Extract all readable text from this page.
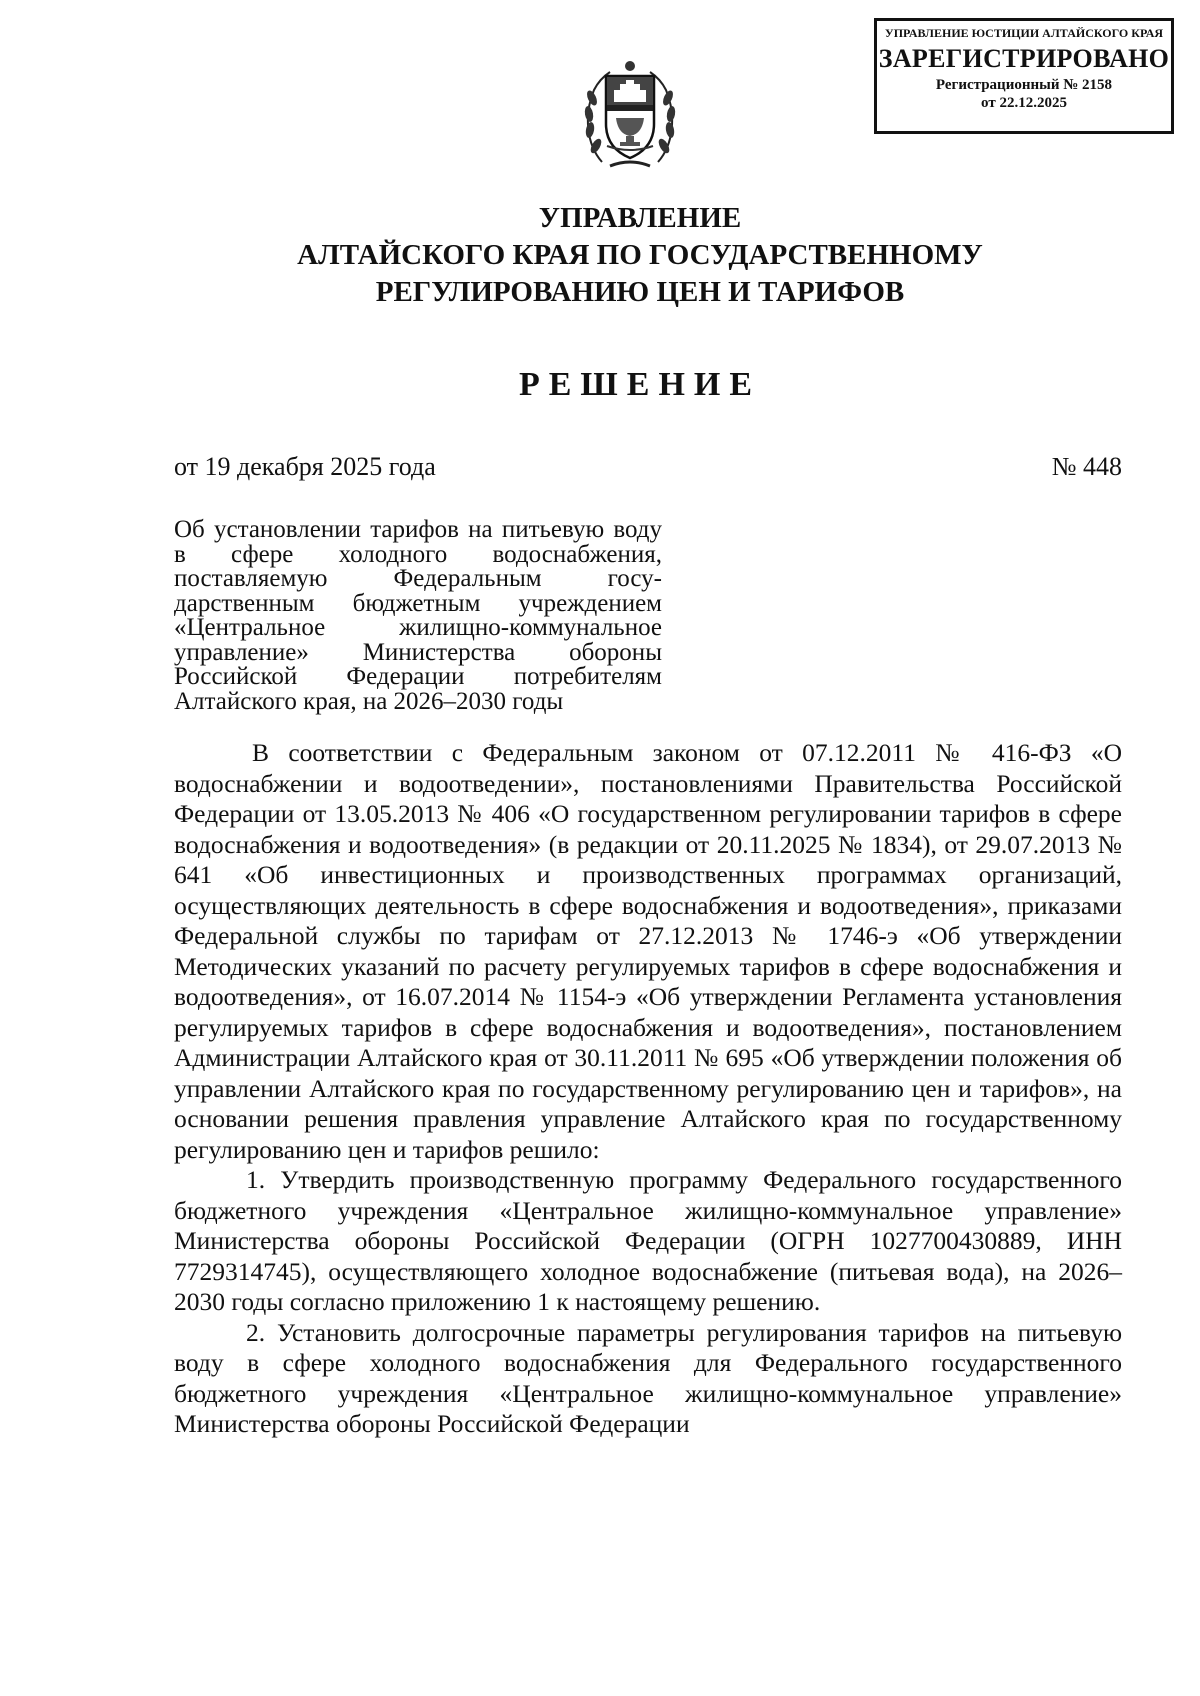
УПРАВЛЕНИЕ ЮСТИЦИИ АЛТАЙСКОГО КРАЯ
ЗАРЕГИСТРИРОВАНО
Регистрационный № 2158
от 22.12.2025
УПРАВЛЕНИЕ
АЛТАЙСКОГО КРАЯ ПО ГОСУДАРСТВЕННОМУ
РЕГУЛИРОВАНИЮ ЦЕН И ТАРИФОВ
РЕШЕНИЕ
от 19 декабря 2025 года	№ 448
Об установлении тарифов на питьевую воду в сфере холодного водоснабжения, поставляемую Федеральным государственным бюджетным учреждением «Центральное жилищно-коммунальное управление» Министерства обороны Российской Федерации потребителям Алтайского края, на 2026–2030 годы

В соответствии с Федеральным законом от 07.12.2011 № 416-ФЗ «О водоснабжении и водоотведении», постановлениями Правительства Российской Федерации от 13.05.2013 № 406 «О государственном регулировании тарифов в сфере водоснабжения и водоотведения» (в редакции от 20.11.2025 № 1834), от 29.07.2013 № 641 «Об инвестиционных и производственных программах организаций, осуществляющих деятельность в сфере водоснабжения и водоотведения», приказами Федеральной службы по тарифам от 27.12.2013 № 1746-э «Об утверждении Методических указаний по расчету регулируемых тарифов в сфере водоснабжения и водоотведения», от 16.07.2014 № 1154-э «Об утверждении Регламента установления регулируемых тарифов в сфере водоснабжения и водоотведения», постановлением Администрации Алтайского края от 30.11.2011 № 695 «Об утверждении положения об управлении Алтайского края по государственному регулированию цен и тарифов», на основании решения правления управление Алтайского края по государственному регулированию цен и тарифов решило:

1. Утвердить производственную программу Федерального государственного бюджетного учреждения «Центральное жилищно-коммунальное управление» Министерства обороны Российской Федерации (ОГРН 1027700430889, ИНН 7729314745), осуществляющего холодное водоснабжение (питьевая вода), на 2026–2030 годы согласно приложению 1 к настоящему решению.

2. Установить долгосрочные параметры регулирования тарифов на питьевую воду в сфере холодного водоснабжения для Федерального государственного бюджетного учреждения «Центральное жилищно-коммунальное управление» Министерства обороны Российской Федерации
